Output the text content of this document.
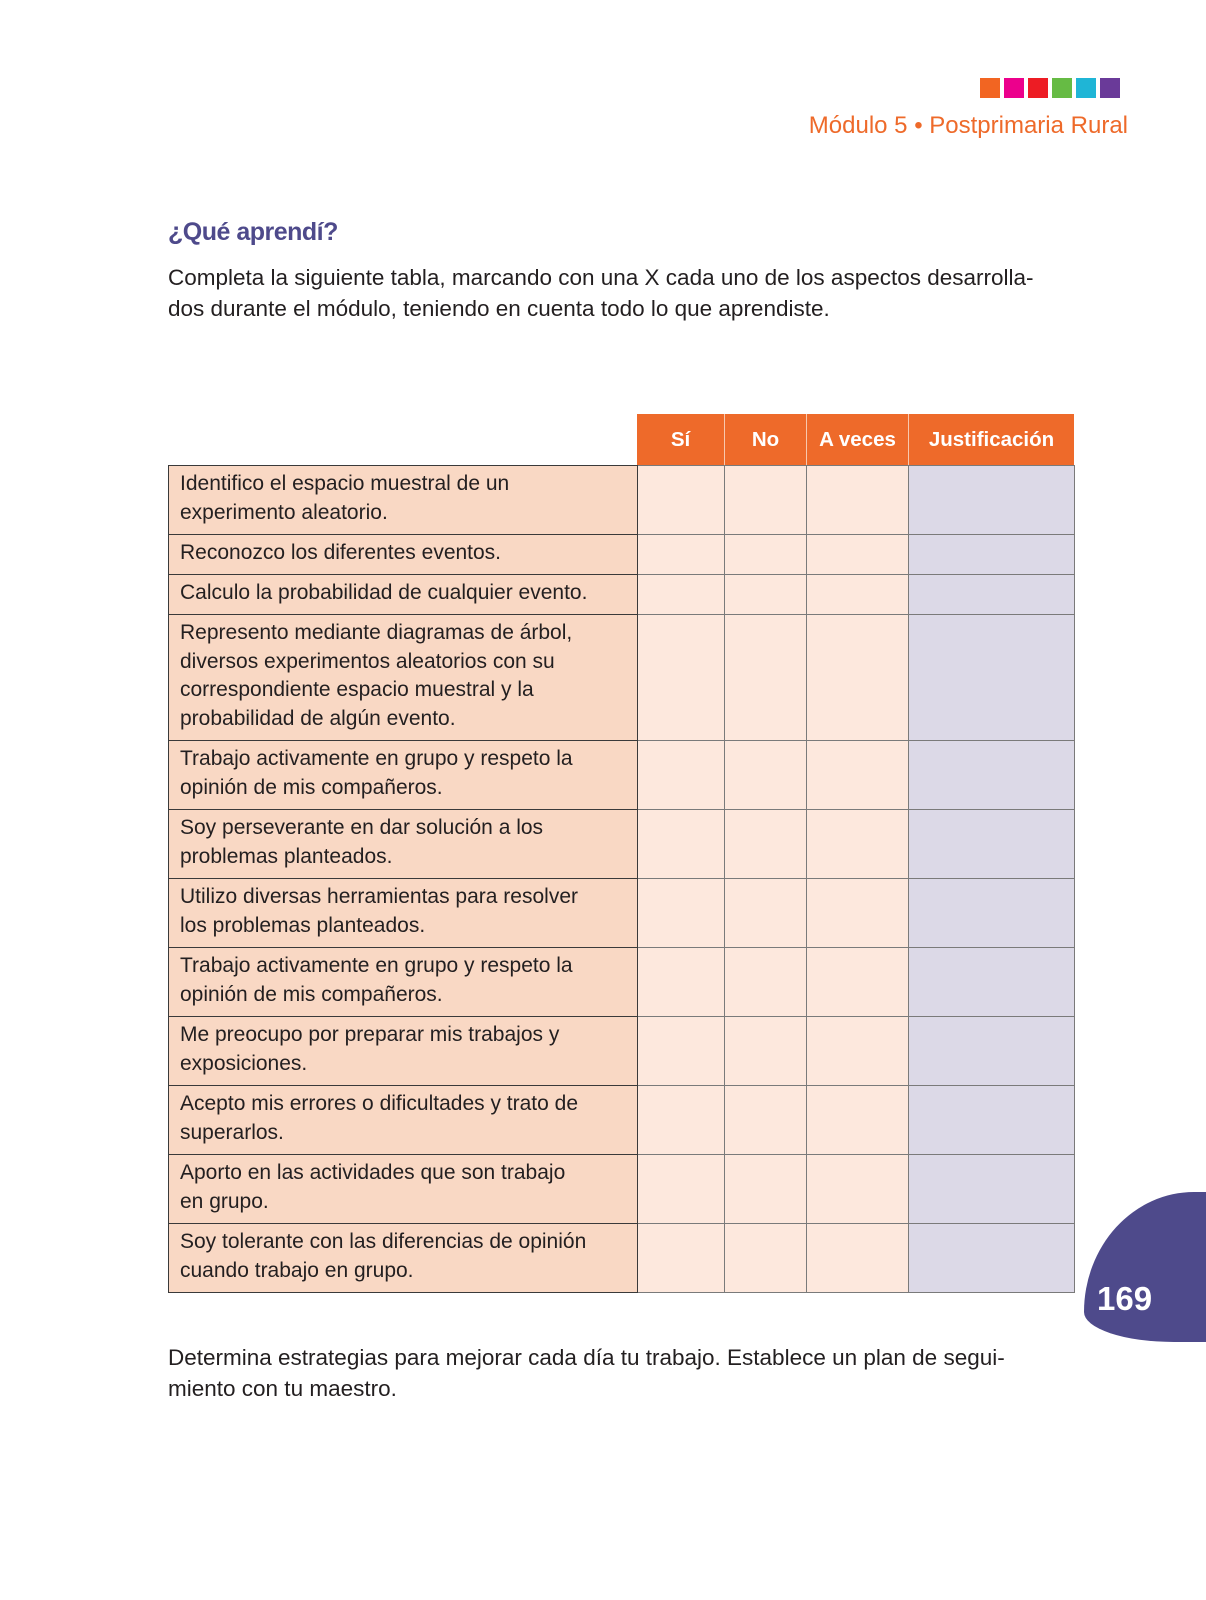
Módulo 5 • Postprimaria Rural
¿Qué aprendí?
Completa la siguiente tabla, marcando con una X cada uno de los aspectos desarrolla-
dos durante el módulo, teniendo en cuenta todo lo que aprendiste.
Sí	No	A veces	Justificación
Identifico el espacio muestral de un
experimento aleatorio.				

Reconozco los diferentes eventos.				

Calculo la probabilidad de cualquier evento.				

Represento mediante diagramas de árbol,
diversos experimentos aleatorios con su
correspondiente espacio muestral y la
probabilidad de algún evento.				

Trabajo activamente en grupo y respeto la
opinión de mis compañeros.				

Soy perseverante en dar solución a los
problemas planteados.				

Utilizo diversas herramientas para resolver
los problemas planteados.				

Trabajo activamente en grupo y respeto la
opinión de mis compañeros.				

Me preocupo por preparar mis trabajos y
exposiciones.				

Acepto mis errores o dificultades y trato de
superarlos.				

Aporto en las actividades que son trabajo
en grupo.				

Soy tolerante con las diferencias de opinión
cuando trabajo en grupo.				

169
Determina estrategias para mejorar cada día tu trabajo. Establece un plan de segui-
miento con tu maestro.
